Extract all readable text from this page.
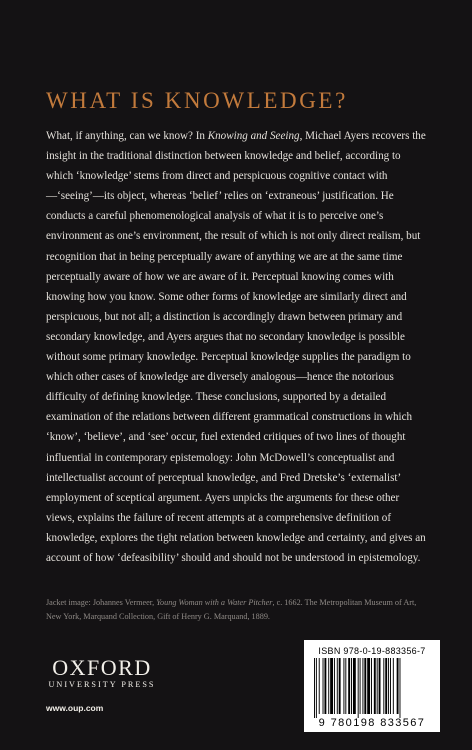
WHAT IS KNOWLEDGE?

What, if anything, can we know? In Knowing and Seeing, Michael Ayers recovers the insight in the traditional distinction between knowledge and belief, according to which ‘knowledge’ stems from direct and perspicuous cognitive contact with—‘seeing’—its object, whereas ‘belief’ relies on ‘extraneous’ justification. He conducts a careful phenomenological analysis of what it is to perceive one’s environment as one’s environment, the result of which is not only direct realism, but recognition that in being perceptually aware of anything we are at the same time perceptually aware of how we are aware of it. Perceptual knowing comes with knowing how you know. Some other forms of knowledge are similarly direct and perspicuous, but not all; a distinction is accordingly drawn between primary and secondary knowledge, and Ayers argues that no secondary knowledge is possible without some primary knowledge. Perceptual knowledge supplies the paradigm to which other cases of knowledge are diversely analogous—hence the notorious difficulty of defining knowledge. These conclusions, supported by a detailed examination of the relations between different grammatical constructions in which ‘know’, ‘believe’, and ‘see’ occur, fuel extended critiques of two lines of thought influential in contemporary epistemology: John McDowell’s conceptualist and intellectualist account of perceptual knowledge, and Fred Dretske’s ‘externalist’ employment of sceptical argument. Ayers unpicks the arguments for these other views, explains the failure of recent attempts at a comprehensive definition of knowledge, explores the tight relation between knowledge and certainty, and gives an account of how ‘defeasibility’ should and should not be understood in epistemology.

Jacket image: Johannes Vermeer, Young Woman with a Water Pitcher, c. 1662. The Metropolitan Museum of Art, New York, Marquand Collection, Gift of Henry G. Marquand, 1889.

OXFORD
UNIVERSITY PRESS
www.oup.com
ISBN 978-0-19-883356-7
9 780198 833567
